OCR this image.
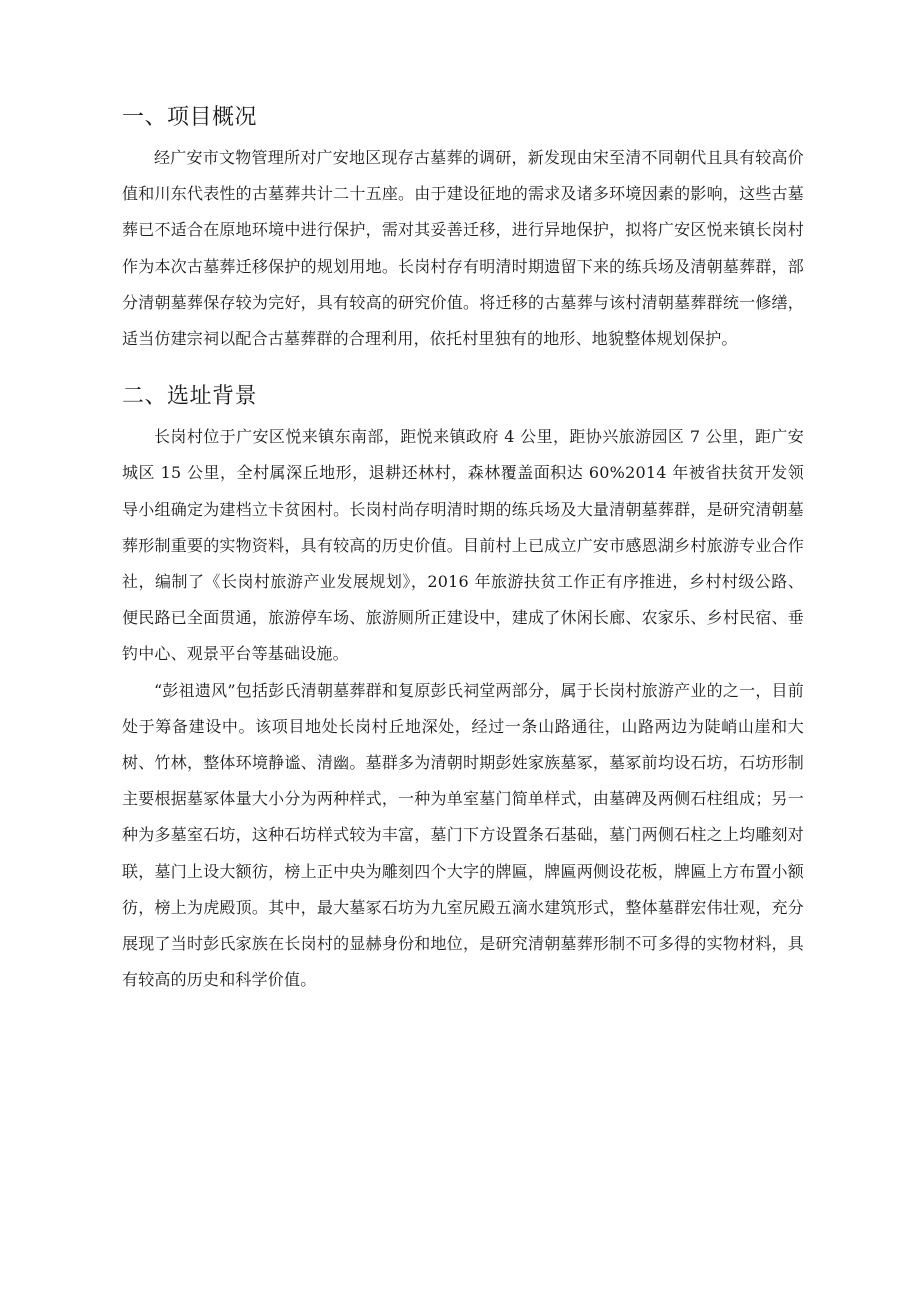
一、项目概况

经广安市文物管理所对广安地区现存古墓葬的调研，新发现由宋至清不同朝代且具有较高价值和川东代表性的古墓葬共计二十五座。由于建设征地的需求及诸多环境因素的影响，这些古墓葬已不适合在原地环境中进行保护，需对其妥善迁移，进行异地保护，拟将广安区悦来镇长岗村作为本次古墓葬迁移保护的规划用地。长岗村存有明清时期遗留下来的练兵场及清朝墓葬群，部分清朝墓葬保存较为完好，具有较高的研究价值。将迁移的古墓葬与该村清朝墓葬群统一修缮，适当仿建宗祠以配合古墓葬群的合理利用，依托村里独有的地形、地貌整体规划保护。

二、选址背景

长岗村位于广安区悦来镇东南部，距悦来镇政府 4 公里，距协兴旅游园区 7 公里，距广安城区 15 公里，全村属深丘地形，退耕还林村，森林覆盖面积达 60%2014 年被省扶贫开发领导小组确定为建档立卡贫困村。长岗村尚存明清时期的练兵场及大量清朝墓葬群，是研究清朝墓葬形制重要的实物资料，具有较高的历史价值。目前村上已成立广安市感恩湖乡村旅游专业合作社，编制了《长岗村旅游产业发展规划》，2016 年旅游扶贫工作正有序推进，乡村村级公路、便民路已全面贯通，旅游停车场、旅游厕所正建设中，建成了休闲长廊、农家乐、乡村民宿、垂钓中心、观景平台等基础设施。

“彭祖遗风”包括彭氏清朝墓葬群和复原彭氏祠堂两部分，属于长岗村旅游产业的之一，目前处于筹备建设中。该项目地处长岗村丘地深处，经过一条山路通往，山路两边为陡峭山崖和大树、竹林，整体环境静谧、清幽。墓群多为清朝时期彭姓家族墓冢，墓冢前均设石坊，石坊形制主要根据墓冢体量大小分为两种样式，一种为单室墓门简单样式，由墓碑及两侧石柱组成；另一种为多墓室石坊，这种石坊样式较为丰富，墓门下方设置条石基础，墓门两侧石柱之上均雕刻对联，墓门上设大额彷，榜上正中央为雕刻四个大字的牌匾，牌匾两侧设花板，牌匾上方布置小额彷，榜上为虎殿顶。其中，最大墓冢石坊为九室尻殿五滴水建筑形式，整体墓群宏伟壮观，充分展现了当时彭氏家族在长岗村的显赫身份和地位，是研究清朝墓葬形制不可多得的实物材料，具有较高的历史和科学价值。
